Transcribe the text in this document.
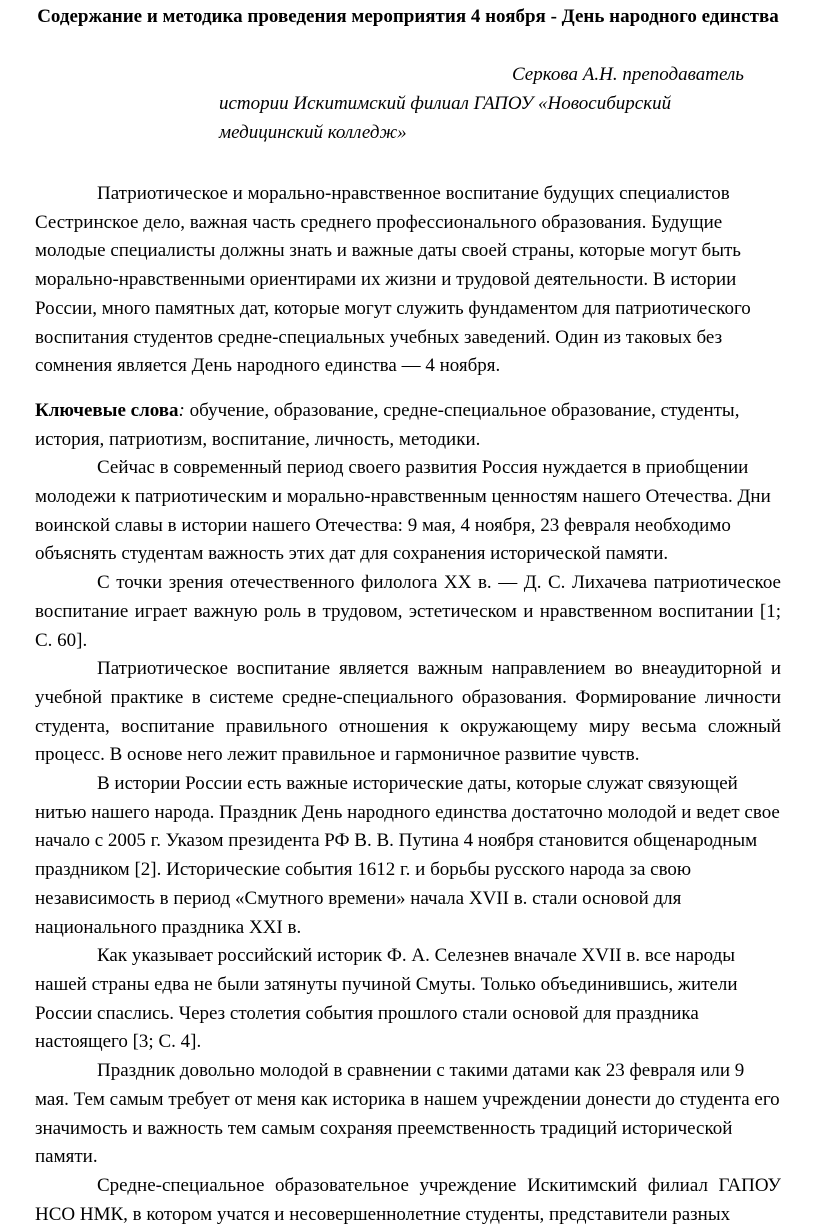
Содержание и методика проведения мероприятия 4 ноября - День народного единства
Серкова А.Н. преподаватель
истории Искитимский филиал ГАПОУ «Новосибирский
медицинский колледж»

Патриотическое и морально-нравственное воспитание будущих специалистов Сестринское дело, важная часть среднего профессионального образования. Будущие молодые специалисты должны знать и важные даты своей страны, которые могут быть морально-нравственными ориентирами их жизни и трудовой деятельности. В истории России, много памятных дат, которые могут служить фундаментом для патриотического воспитания студентов средне-специальных учебных заведений. Один из таковых без сомнения является День народного единства — 4 ноября.

Ключевые слова: обучение, образование, средне-специальное образование, студенты, история, патриотизм, воспитание, личность, методики.

Сейчас в современный период своего развития Россия нуждается в приобщении молодежи к патриотическим и морально-нравственным ценностям нашего Отечества. Дни воинской славы в истории нашего Отечества: 9 мая, 4 ноября, 23 февраля необходимо объяснять студентам важность этих дат для сохранения исторической памяти.

С точки зрения отечественного филолога XX в. — Д. С. Лихачева патриотическое воспитание играет важную роль в трудовом, эстетическом и нравственном воспитании [1; С. 60].

Патриотическое воспитание является важным направлением во внеаудиторной и учебной практике в системе средне-специального образования. Формирование личности студента, воспитание правильного отношения к окружающему миру весьма сложный процесс. В основе него лежит правильное и гармоничное развитие чувств.

В истории России есть важные исторические даты, которые служат связующей нитью нашего народа. Праздник День народного единства достаточно молодой и ведет свое начало с 2005 г. Указом президента РФ В. В. Путина 4 ноября становится общенародным праздником [2]. Исторические события 1612 г. и борьбы русского народа за свою независимость в период «Смутного времени» начала XVII в. стали основой для национального праздника XXI в.

Как указывает российский историк Ф. А. Селезнев вначале XVII в. все народы нашей страны едва не были затянуты пучиной Смуты. Только объединившись, жители России спаслись. Через столетия события прошлого стали основой для праздника настоящего [3; С. 4].

Праздник довольно молодой в сравнении с такими датами как 23 февраля или 9 мая. Тем самым требует от меня как историка в нашем учреждении донести до студента его значимость и важность тем самым сохраняя преемственность традиций исторической памяти.

Средне-специальное образовательное учреждение Искитимский филиал ГАПОУ НСО НМК, в котором учатся и несовершеннолетние студенты, представители разных
